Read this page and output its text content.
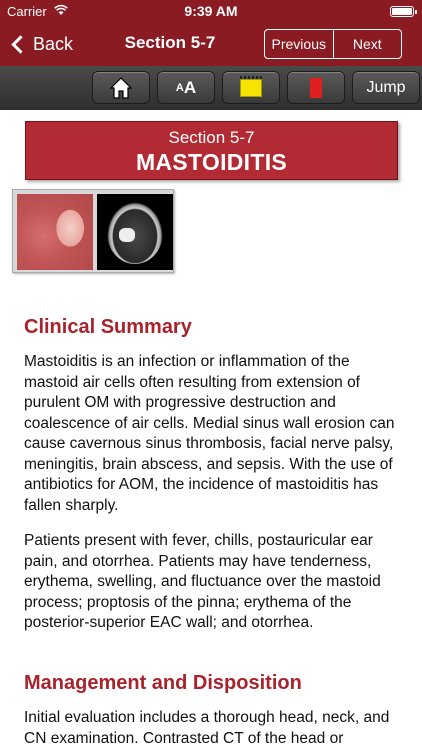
Carrier	9:39 AM
Back	Section 5-7	Previous	Next
A A	Jump
Section 5-7
MASTOIDITIS
Clinical Summary

Mastoiditis is an infection or inflammation of the mastoid air cells often resulting from extension of purulent OM with progressive destruction and coalescence of air cells. Medial sinus wall erosion can cause cavernous sinus thrombosis, facial nerve palsy, meningitis, brain abscess, and sepsis. With the use of antibiotics for AOM, the incidence of mastoiditis has fallen sharply.

Patients present with fever, chills, postauricular ear pain, and otorrhea. Patients may have tenderness, erythema, swelling, and fluctuance over the mastoid process; proptosis of the pinna; erythema of the posterior-superior EAC wall; and otorrhea.

Management and Disposition

Initial evaluation includes a thorough head, neck, and CN examination. Contrasted CT of the head or
